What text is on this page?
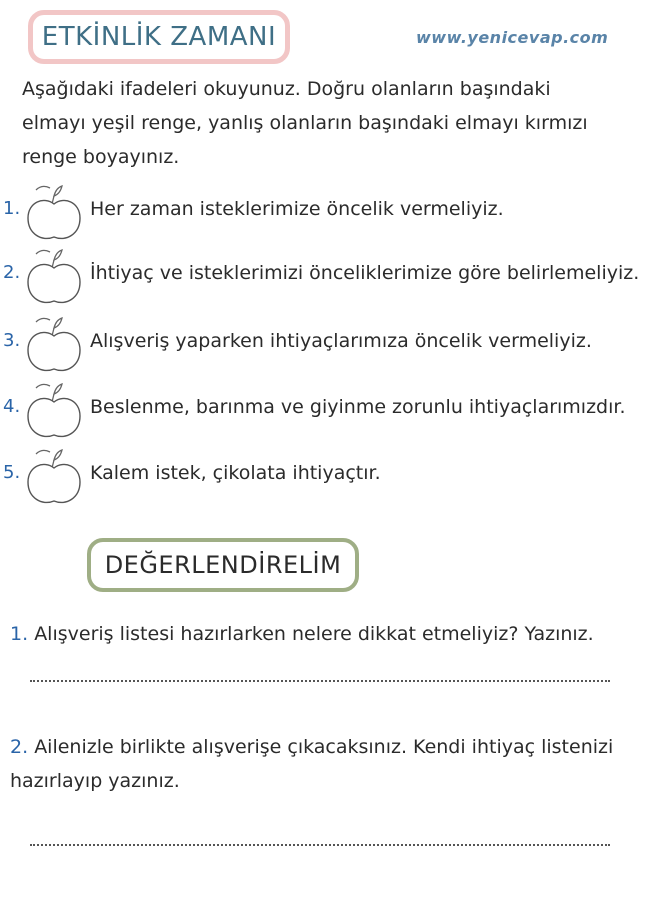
ETKİNLİK ZAMANI	www.yenicevap.com
Aşağıdaki ifadeleri okuyunuz. Doğru olanların başındaki
elmayı yeşil renge, yanlış olanların başındaki elmayı kırmızı
renge boyayınız.
1.	Her zaman isteklerimize öncelik vermeliyiz.
2.	İhtiyaç ve isteklerimizi önceliklerimize göre belirlemeliyiz.
3.	Alışveriş yaparken ihtiyaçlarımıza öncelik vermeliyiz.
4.	Beslenme, barınma ve giyinme zorunlu ihtiyaçlarımızdır.
5.	Kalem istek, çikolata ihtiyaçtır.
DEĞERLENDİRELİM
1. Alışveriş listesi hazırlarken nelere dikkat etmeliyiz? Yazınız.
2. Ailenizle birlikte alışverişe çıkacaksınız. Kendi ihtiyaç listenizi
hazırlayıp yazınız.
